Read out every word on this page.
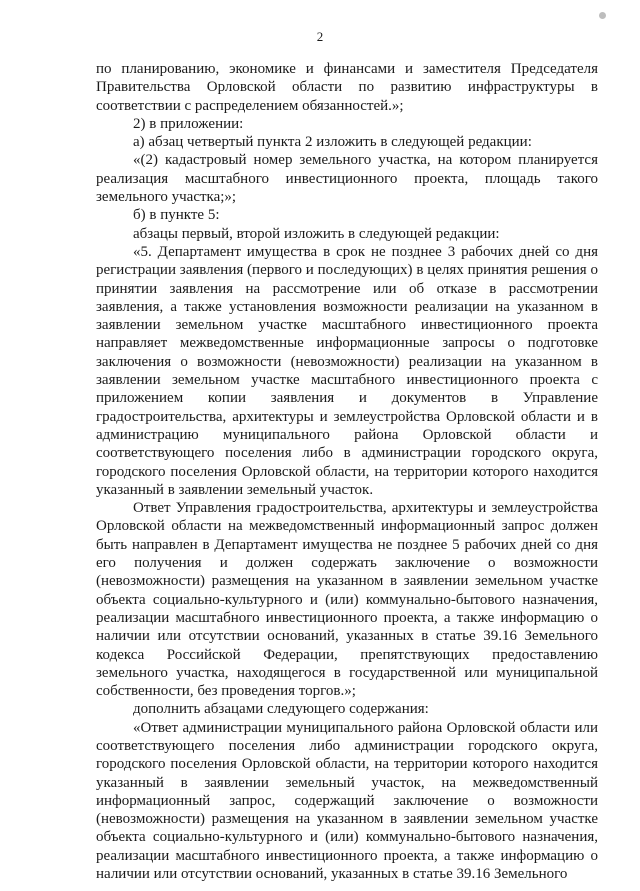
2

по планированию, экономике и финансами и заместителя Председателя Правительства Орловской области по развитию инфраструктуры в соответствии с распределением обязанностей.»;

2) в приложении:

а) абзац четвертый пункта 2 изложить в следующей редакции:

«(2) кадастровый номер земельного участка, на котором планируется реализация масштабного инвестиционного проекта, площадь такого земельного участка;»;

б) в пункте 5:

абзацы первый, второй изложить в следующей редакции:

«5. Департамент имущества в срок не позднее 3 рабочих дней со дня регистрации заявления (первого и последующих) в целях принятия решения о принятии заявления на рассмотрение или об отказе в рассмотрении заявления, а также установления возможности реализации на указанном в заявлении земельном участке масштабного инвестиционного проекта направляет межведомственные информационные запросы о подготовке заключения о возможности (невозможности) реализации на указанном в заявлении земельном участке масштабного инвестиционного проекта с приложением копии заявления и документов в Управление градостроительства, архитектуры и землеустройства Орловской области и в администрацию муниципального района Орловской области и соответствующего поселения либо в администрации городского округа, городского поселения Орловской области, на территории которого находится указанный в заявлении земельный участок.

Ответ Управления градостроительства, архитектуры и землеустройства Орловской области на межведомственный информационный запрос должен быть направлен в Департамент имущества не позднее 5 рабочих дней со дня его получения и должен содержать заключение о возможности (невозможности) размещения на указанном в заявлении земельном участке объекта социально-культурного и (или) коммунально-бытового назначения, реализации масштабного инвестиционного проекта, а также информацию о наличии или отсутствии оснований, указанных в статье 39.16 Земельного кодекса Российской Федерации, препятствующих предоставлению земельного участка, находящегося в государственной или муниципальной собственности, без проведения торгов.»;

дополнить абзацами следующего содержания:

«Ответ администрации муниципального района Орловской области или соответствующего поселения либо администрации городского округа, городского поселения Орловской области, на территории которого находится указанный в заявлении земельный участок, на межведомственный информационный запрос, содержащий заключение о возможности (невозможности) размещения на указанном в заявлении земельном участке объекта социально-культурного и (или) коммунально-бытового назначения, реализации масштабного инвестиционного проекта, а также информацию о наличии или отсутствии оснований, указанных в статье 39.16 Земельного
